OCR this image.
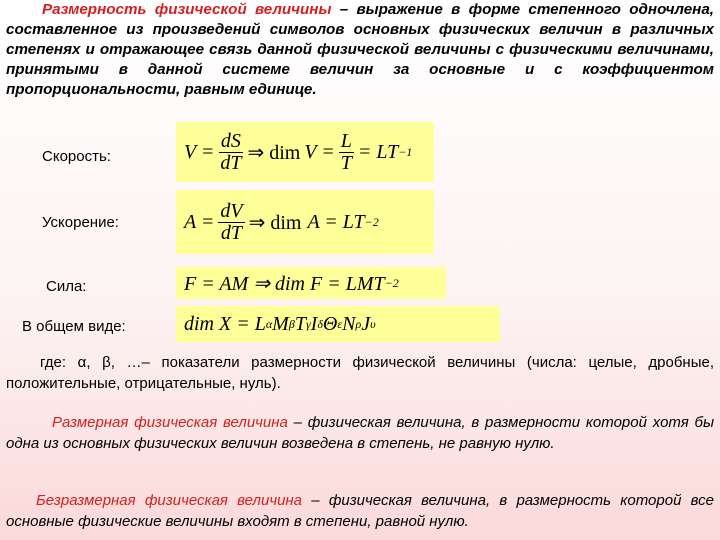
Размерность физической величины – выражение в форме степенного одночлена, составленное из произведений символов основных физических величин в различных степенях и отражающее связь данной физической величины с физическими величинами, принятыми в данной системе величин за основные и с коэффициентом пропорциональности, равным единице.
Скорость:	$V = \frac{dS}{dT}$ ⇒ dim $V = \frac{L}{T}$ = LT −1
Ускорение:	$A = \frac{dV}{dT}$ ⇒ dim A = LT −2
Сила:	F = AM ⇒ dim F = LMT −2
В общем виде:	dim X = L α M β T γ I δ Θ ε N ρ J υ
где: α, β, …– показатели размерности физической величины (числа: целые, дробные, положительные, отрицательные, нуль).
Размерная физическая величина – физическая величина, в размерности которой хотя бы одна из основных физических величин возведена в степень, не равную нулю.
Безразмерная физическая величина – физическая величина, в размерность которой все основные физические величины входят в степени, равной нулю.
